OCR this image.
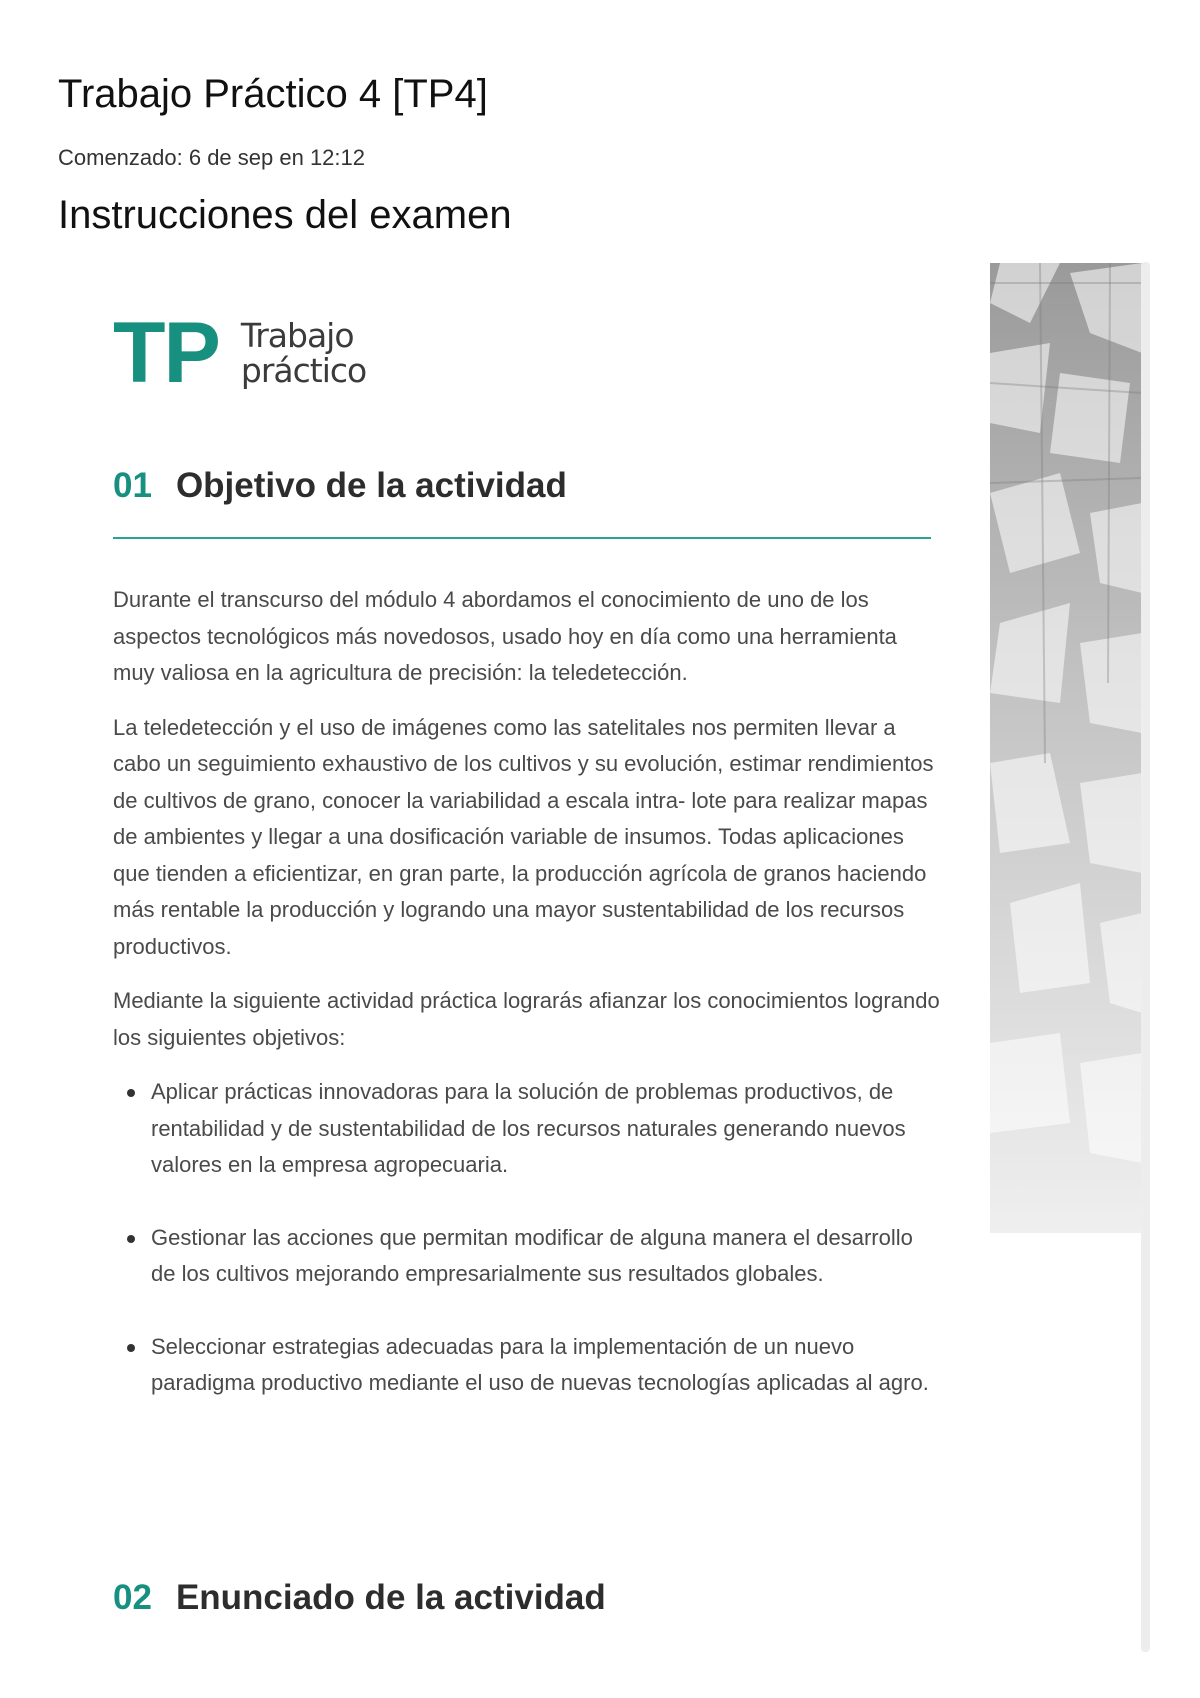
Trabajo Práctico 4 [TP4]
Comenzado: 6 de sep en 12:12
Instrucciones del examen
TP Trabajo
práctico
01 Objetivo de la actividad

Durante el transcurso del módulo 4 abordamos el conocimiento de uno de los aspectos tecnológicos más novedosos, usado hoy en día como una herramienta muy valiosa en la agricultura de precisión: la teledetección.

La teledetección y el uso de imágenes como las satelitales nos permiten llevar a cabo un seguimiento exhaustivo de los cultivos y su evolución, estimar rendimientos de cultivos de grano, conocer la variabilidad a escala intra- lote para realizar mapas de ambientes y llegar a una dosificación variable de insumos. Todas aplicaciones que tienden a eficientizar, en gran parte, la producción agrícola de granos haciendo más rentable la producción y logrando una mayor sustentabilidad de los recursos productivos.

Mediante la siguiente actividad práctica lograrás afianzar los conocimientos logrando los siguientes objetivos:

Aplicar prácticas innovadoras para la solución de problemas productivos, de rentabilidad y de sustentabilidad de los recursos naturales generando nuevos valores en la empresa agropecuaria.
Gestionar las acciones que permitan modificar de alguna manera el desarrollo de los cultivos mejorando empresarialmente sus resultados globales.
Seleccionar estrategias adecuadas para la implementación de un nuevo paradigma productivo mediante el uso de nuevas tecnologías aplicadas al agro.
02 Enunciado de la actividad
